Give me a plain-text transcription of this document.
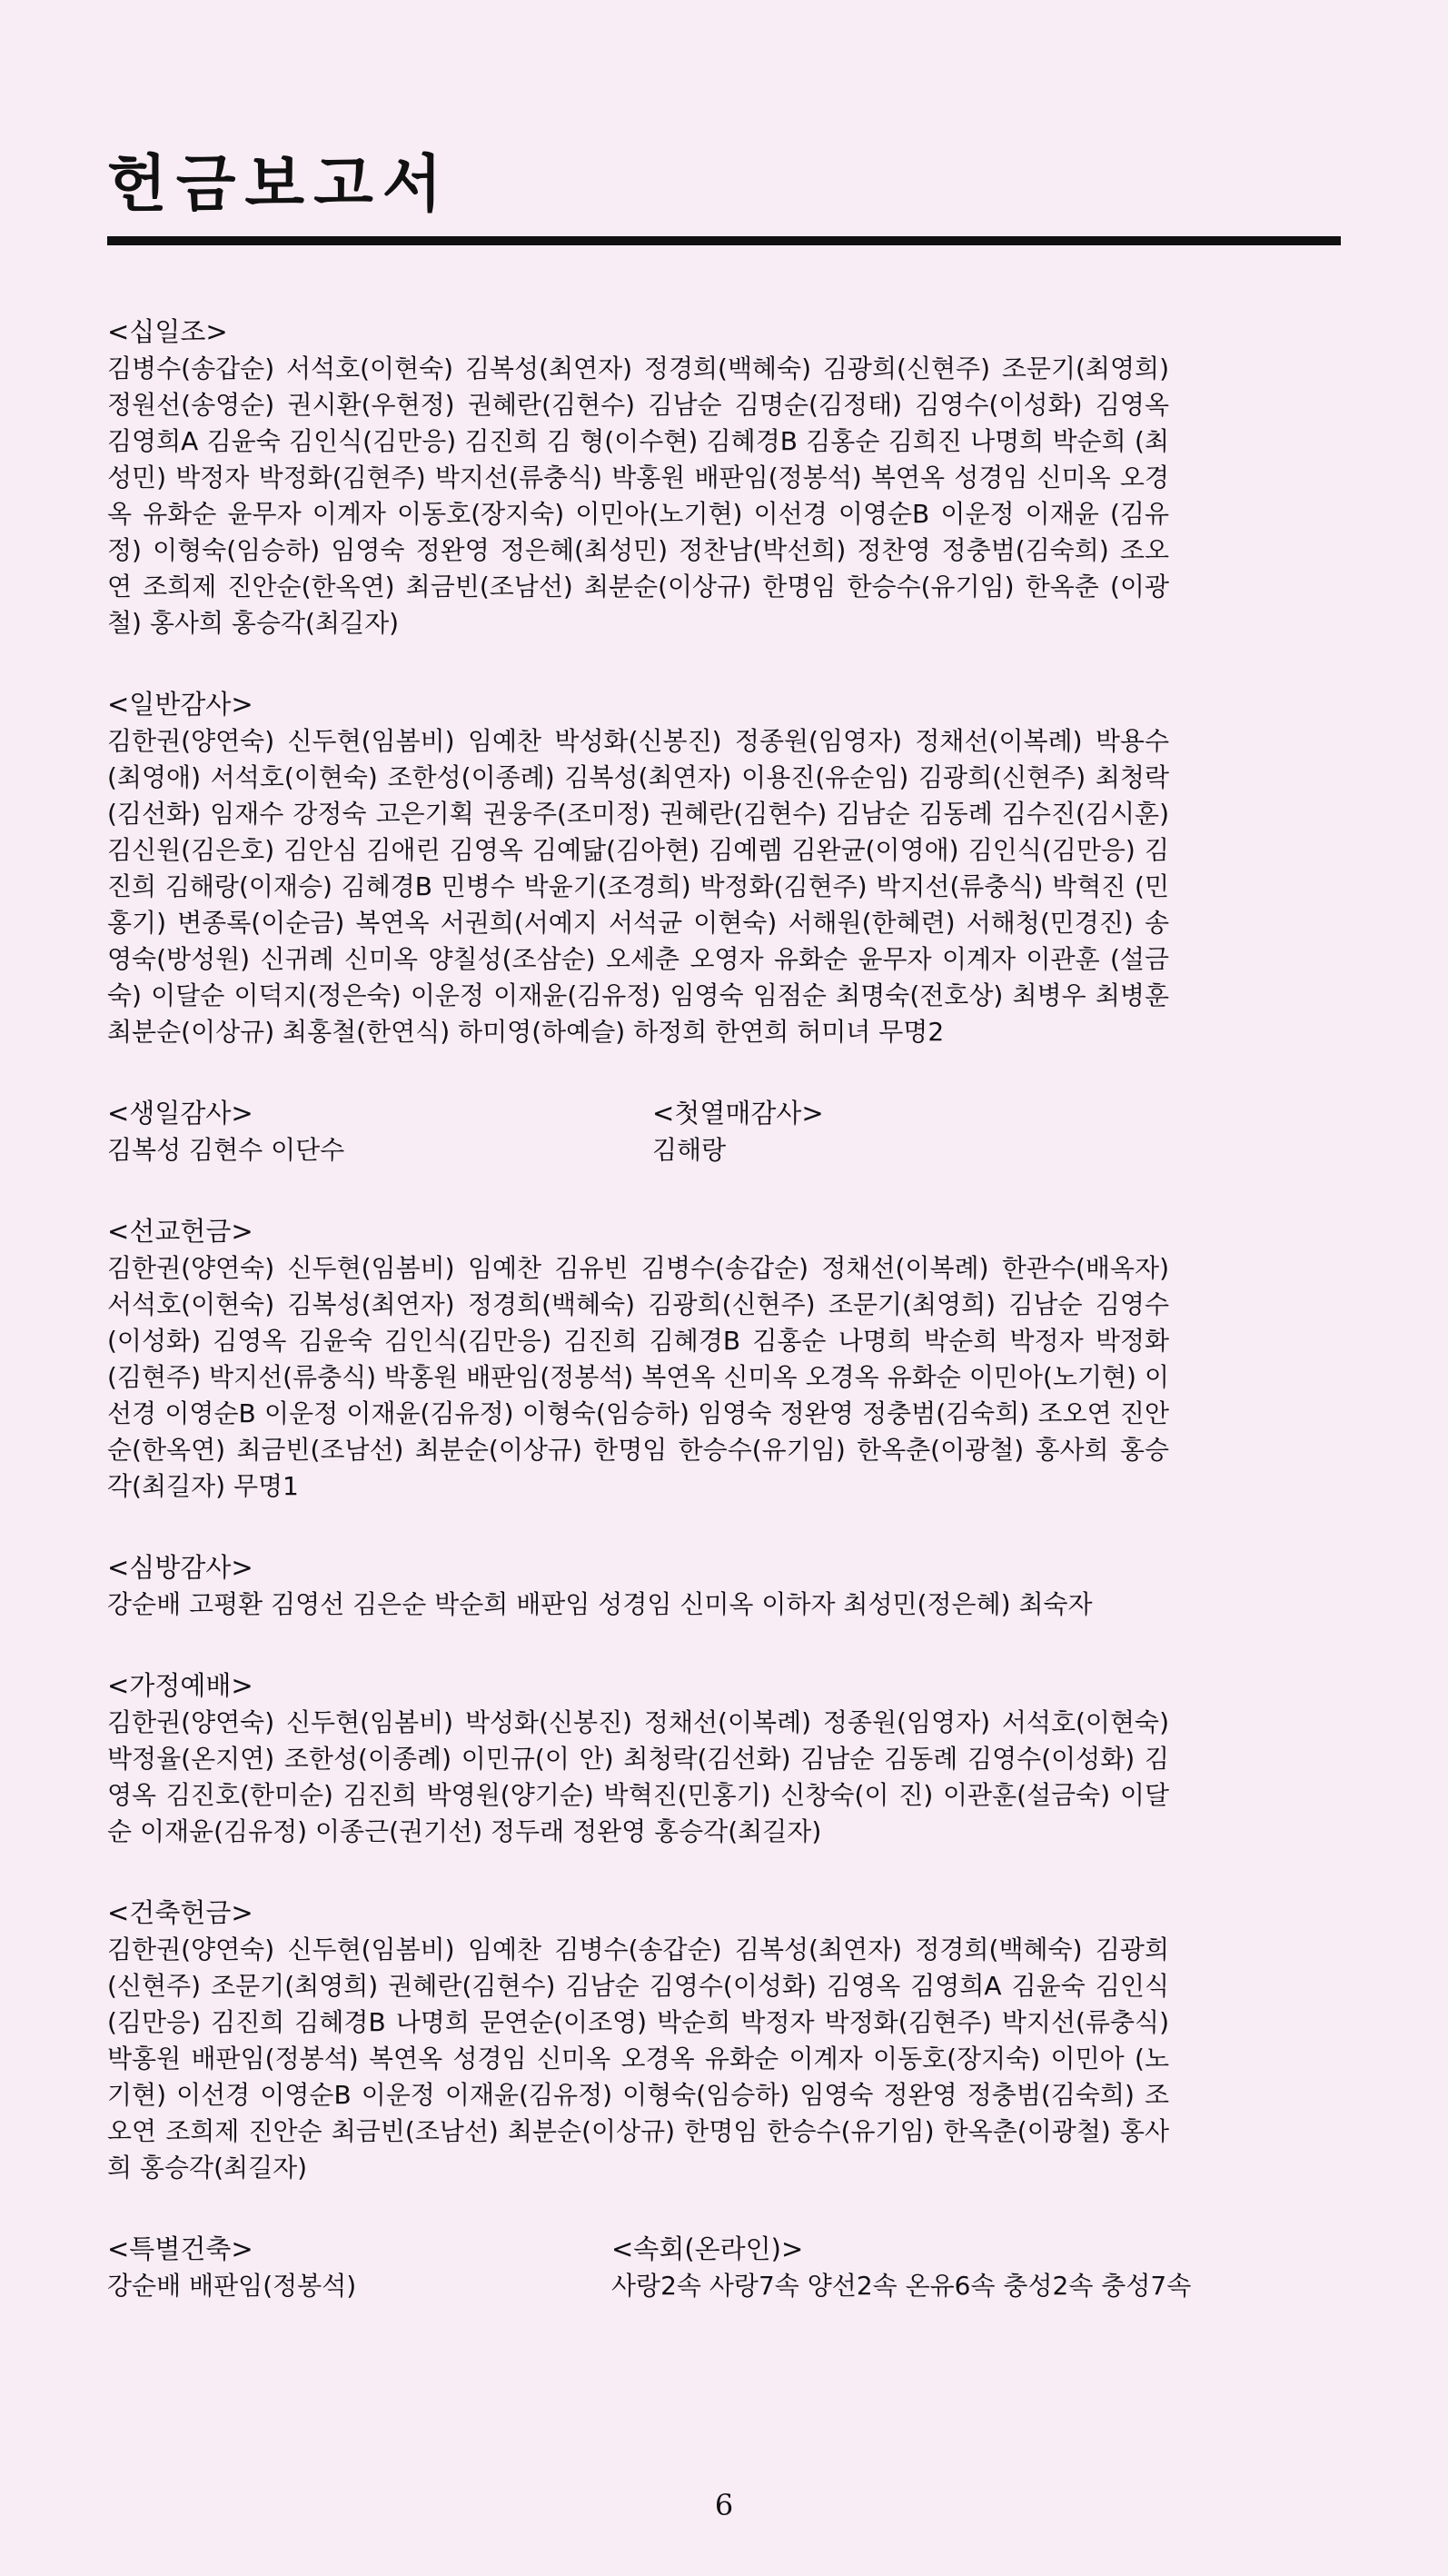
헌금보고서
<십일조>
김병수(송갑순) 서석호(이현숙) 김복성(최연자) 정경희(백혜숙) 김광희(신현주) 조문기(최영희) 정원선(송영순) 권시환(우현정) 권혜란(김현수) 김남순 김명순(김정태) 김영수(이성화) 김영옥 김영희A 김윤숙 김인식(김만응) 김진희 김 형(이수현) 김혜경B 김홍순 김희진 나명희 박순희 (최성민) 박정자 박정화(김현주) 박지선(류충식) 박홍원 배판임(정봉석) 복연옥 성경임 신미옥 오경옥 유화순 윤무자 이계자 이동호(장지숙) 이민아(노기현) 이선경 이영순B 이운정 이재윤 (김유정) 이형숙(임승하) 임영숙 정완영 정은혜(최성민) 정찬남(박선희) 정찬영 정충범(김숙희) 조오연 조희제 진안순(한옥연) 최금빈(조남선) 최분순(이상규) 한명임 한승수(유기임) 한옥춘 (이광철) 홍사희 홍승각(최길자)
<일반감사>
김한권(양연숙) 신두현(임봄비) 임예찬 박성화(신봉진) 정종원(임영자) 정채선(이복례) 박용수 (최영애) 서석호(이현숙) 조한성(이종례) 김복성(최연자) 이용진(유순임) 김광희(신현주) 최청락 (김선화) 임재수 강정숙 고은기획 권웅주(조미정) 권혜란(김현수) 김남순 김동례 김수진(김시훈) 김신원(김은호) 김안심 김애린 김영옥 김예닮(김아현) 김예렘 김완균(이영애) 김인식(김만응) 김진희 김해랑(이재승) 김혜경B 민병수 박윤기(조경희) 박정화(김현주) 박지선(류충식) 박혁진 (민홍기) 변종록(이순금) 복연옥 서권희(서예지 서석균 이현숙) 서해원(한혜련) 서해청(민경진) 송영숙(방성원) 신귀례 신미옥 양칠성(조삼순) 오세춘 오영자 유화순 윤무자 이계자 이관훈 (설금숙) 이달순 이덕지(정은숙) 이운정 이재윤(김유정) 임영숙 임점순 최명숙(전호상) 최병우 최병훈 최분순(이상규) 최홍철(한연식) 하미영(하예슬) 하정희 한연희 허미녀 무명2
<생일감사>
김복성 김현수 이단수
<첫열매감사>
김해랑
<선교헌금>
김한권(양연숙) 신두현(임봄비) 임예찬 김유빈 김병수(송갑순) 정채선(이복례) 한관수(배옥자) 서석호(이현숙) 김복성(최연자) 정경희(백혜숙) 김광희(신현주) 조문기(최영희) 김남순 김영수 (이성화) 김영옥 김윤숙 김인식(김만응) 김진희 김혜경B 김홍순 나명희 박순희 박정자 박정화 (김현주) 박지선(류충식) 박홍원 배판임(정봉석) 복연옥 신미옥 오경옥 유화순 이민아(노기현) 이선경 이영순B 이운정 이재윤(김유정) 이형숙(임승하) 임영숙 정완영 정충범(김숙희) 조오연 진안순(한옥연) 최금빈(조남선) 최분순(이상규) 한명임 한승수(유기임) 한옥춘(이광철) 홍사희 홍승각(최길자) 무명1
<심방감사>
강순배 고평환 김영선 김은순 박순희 배판임 성경임 신미옥 이하자 최성민(정은혜) 최숙자
<가정예배>
김한권(양연숙) 신두현(임봄비) 박성화(신봉진) 정채선(이복례) 정종원(임영자) 서석호(이현숙) 박정율(온지연) 조한성(이종례) 이민규(이 안) 최청락(김선화) 김남순 김동례 김영수(이성화) 김영옥 김진호(한미순) 김진희 박영원(양기순) 박혁진(민홍기) 신창숙(이 진) 이관훈(설금숙) 이달순 이재윤(김유정) 이종근(권기선) 정두래 정완영 홍승각(최길자)
<건축헌금>
김한권(양연숙) 신두현(임봄비) 임예찬 김병수(송갑순) 김복성(최연자) 정경희(백혜숙) 김광희 (신현주) 조문기(최영희) 권혜란(김현수) 김남순 김영수(이성화) 김영옥 김영희A 김윤숙 김인식 (김만응) 김진희 김혜경B 나명희 문연순(이조영) 박순희 박정자 박정화(김현주) 박지선(류충식) 박홍원 배판임(정봉석) 복연옥 성경임 신미옥 오경옥 유화순 이계자 이동호(장지숙) 이민아 (노기현) 이선경 이영순B 이운정 이재윤(김유정) 이형숙(임승하) 임영숙 정완영 정충범(김숙희) 조오연 조희제 진안순 최금빈(조남선) 최분순(이상규) 한명임 한승수(유기임) 한옥춘(이광철) 홍사희 홍승각(최길자)
<특별건축>
강순배 배판임(정봉석)
<속회(온라인)>
사랑2속 사랑7속 양선2속 온유6속 충성2속 충성7속
6
